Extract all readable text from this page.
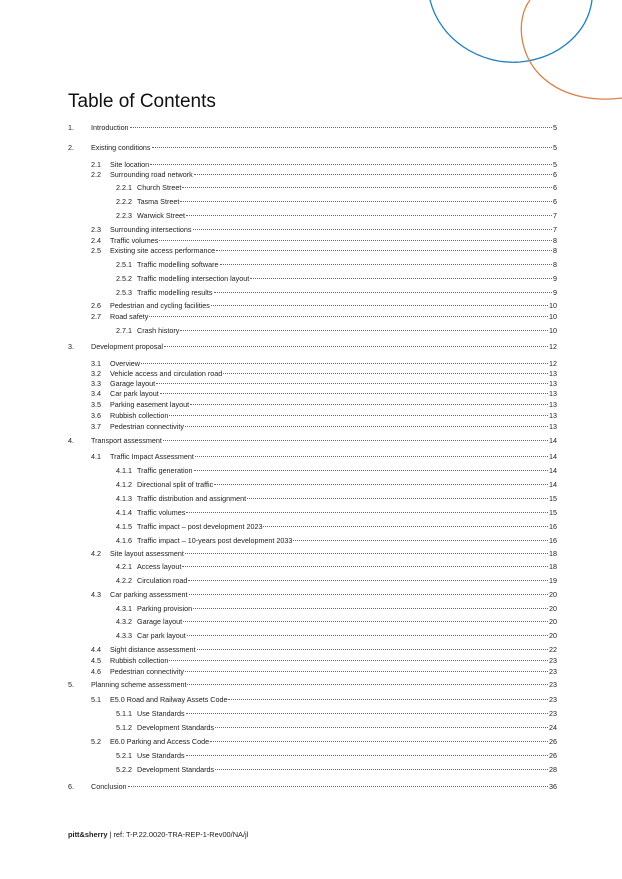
Table of Contents
1.	Introduction	5
2.	Existing conditions	5
2.1	Site location	5
2.2	Surrounding road network	6
2.2.1 Church Street	6
2.2.2 Tasma Street	6
2.2.3 Warwick Street	7
2.3	Surrounding intersections	7
2.4	Traffic volumes	8
2.5	Existing site access performance	8
2.5.1 Traffic modelling software	8
2.5.2 Traffic modelling intersection layout	9
2.5.3 Traffic modelling results	9
2.6	Pedestrian and cycling facilities	10
2.7	Road safety	10
2.7.1 Crash history	10
3.	Development proposal	12
3.1	Overview	12
3.2	Vehicle access and circulation road	13
3.3	Garage layout	13
3.4	Car park layout	13
3.5	Parking easement layout	13
3.6	Rubbish collection	13
3.7	Pedestrian connectivity	13
4.	Transport assessment	14
4.1	Traffic Impact Assessment	14
4.1.1 Traffic generation	14
4.1.2 Directional split of traffic	14
4.1.3 Traffic distribution and assignment	15
4.1.4 Traffic volumes	15
4.1.5 Traffic impact – post development 2023	16
4.1.6 Traffic impact – 10-years post development 2033	16
4.2	Site layout assessment	18
4.2.1 Access layout	18
4.2.2 Circulation road	19
4.3	Car parking assessment	20
4.3.1 Parking provision	20
4.3.2 Garage layout	20
4.3.3 Car park layout	20
4.4	Sight distance assessment	22
4.5	Rubbish collection	23
4.6	Pedestrian connectivity	23
5.	Planning scheme assessment	23
5.1	E5.0 Road and Railway Assets Code	23
5.1.1 Use Standards	23
5.1.2 Development Standards	24
5.2	E6.0 Parking and Access Code	26
5.2.1 Use Standards	26
5.2.2 Development Standards	28
6.	Conclusion	36
pitt&sherry | ref: T-P.22.0020-TRA-REP-1-Rev00/NA/jl
